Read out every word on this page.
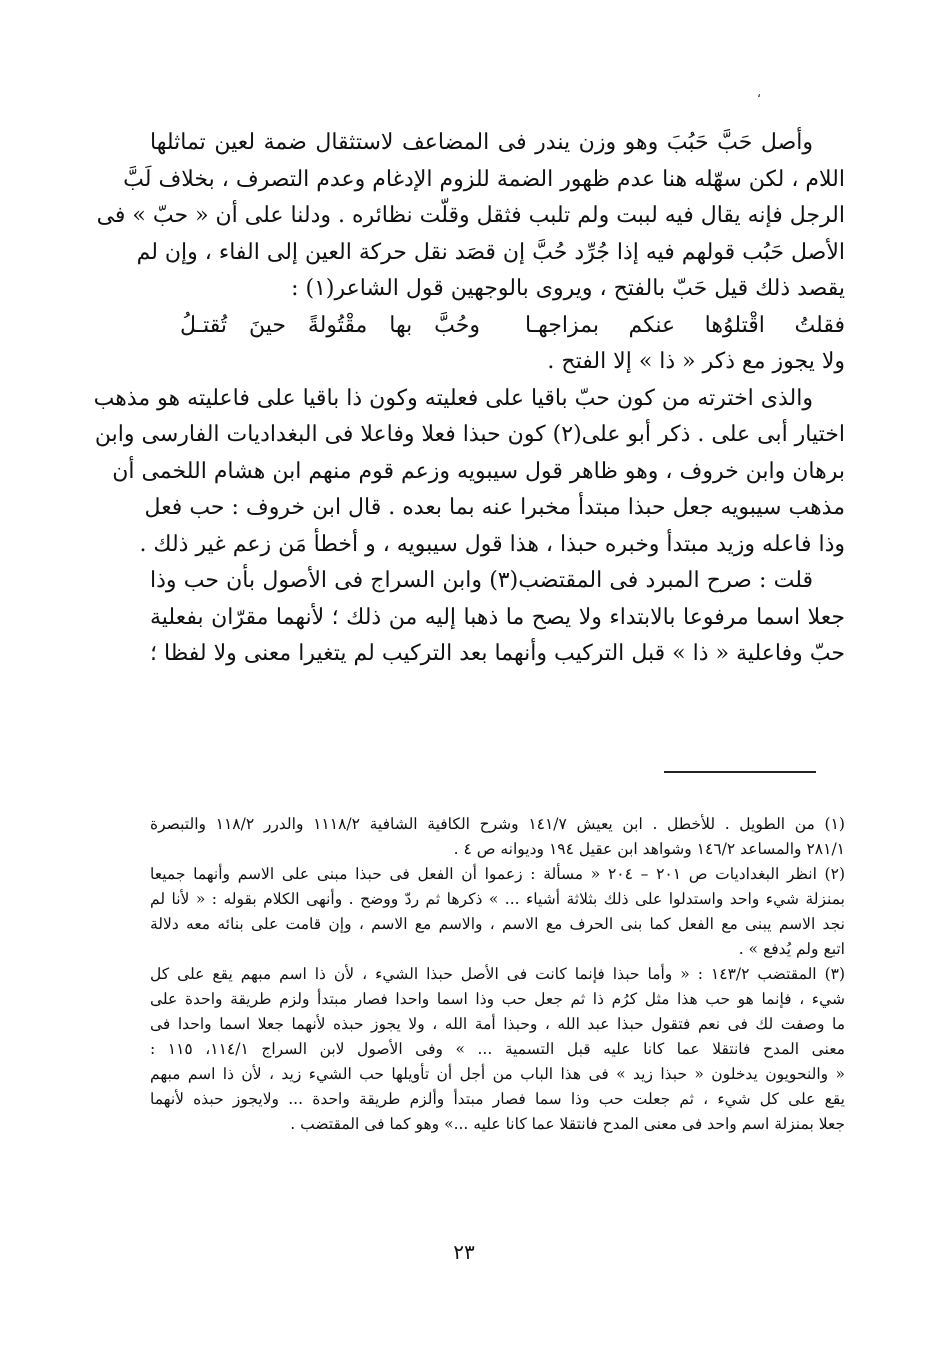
،
وأصل حَبَّ حَبُبَ وهو وزن يندر فى المضاعف لاستثقال ضمة لعين تماثلها
اللام ، لكن سهّله هنا عدم ظهور الضمة للزوم الإدغام وعدم التصرف ، بخلاف لَبَّ
الرجل فإنه يقال فيه لببت ولم تلبب فثقل وقلّت نظائره . ودلنا على أن « حبّ » فى
الأصل حَبُب قولهم فيه إذا جُرِّد حُبَّ إن قصَد نقل حركة العين إلى الفاء ، وإن لم
يقصد ذلك قيل حَبّ بالفتح ، ويروى بالوجهين قول الشاعر(١) :
فقلتُ اقْتلوُها عنكم بمزاجهـا
وحُبَّ بها مقْتُولةً حينَ تُقتـلُ
ولا يجوز مع ذكر « ذا » إلا الفتح .
والذى اخترته من كون حبّ باقيا على فعليته وكون ذا باقيا على فاعليته هو مذهب
اختيار أبى على . ذكر أبو على(٢) كون حبذا فعلا وفاعلا فى البغداديات الفارسى وابن
برهان وابن خروف ، وهو ظاهر قول سيبويه وزعم قوم منهم ابن هشام اللخمى أن
مذهب سيبويه جعل حبذا مبتدأ مخبرا عنه بما بعده . قال ابن خروف : حب فعل
وذا فاعله وزيد مبتدأ وخبره حبذا ، هذا قول سيبويه ، و أخطأ مَن زعم غير ذلك .
قلت : صرح المبرد فى المقتضب(٣) وابن السراج فى الأصول بأن حب وذا
جعلا اسما مرفوعا بالابتداء ولا يصح ما ذهبا إليه من ذلك ؛ لأنهما مقرّان بفعلية
حبّ وفاعلية « ذا » قبل التركيب وأنهما بعد التركيب لم يتغيرا معنى ولا لفظا ؛
(١) من الطويل . للأخطل . ابن يعيش ١٤١/٧ وشرح الكافية الشافية ١١١٨/٢ والدرر ١١٨/٢ والتبصرة
٢٨١/١ والمساعد ١٤٦/٢ وشواهد ابن عقيل ١٩٤ وديوانه ص ٤ .
(٢) انظر البغداديات ص ٢٠١ – ٢٠٤ « مسألة : زعموا أن الفعل فى حبذا مبنى على الاسم وأنهما جميعا
بمنزلة شيء واحد واستدلوا على ذلك بثلاثة أشياء ... » ذكرها ثم ردّ ووضح . وأنهى الكلام بقوله : « لأنا لم
نجد الاسم يبنى مع الفعل كما بنى الحرف مع الاسم ، والاسم مع الاسم ، وإن قامت على بنائه معه دلالة
اتبع ولم يُدفع » .
(٣) المقتضب ١٤٣/٢ : « وأما حبذا فإنما كانت فى الأصل حبذا الشيء ، لأن ذا اسم مبهم يقع على كل
شيء ، فإنما هو حب هذا مثل كرُم ذا ثم جعل حب وذا اسما واحدا فصار مبتدأ ولزم طريقة واحدة على
ما وصفت لك فى نعم فتقول حبذا عبد الله ، وحبذا أمة الله ، ولا يجوز حبذه لأنهما جعلا اسما واحدا فى
معنى المدح فانتقلا عما كانا عليه قبل التسمية ... » وفى الأصول لابن السراج ١١٤/١، ١١٥ :
« والنحويون يدخلون « حبذا زيد » فى هذا الباب من أجل أن تأويلها حب الشيء زيد ، لأن ذا اسم مبهم
يقع على كل شيء ، ثم جعلت حب وذا سما فصار مبتدأ وألزم طريقة واحدة ... ولايجوز حبذه لأنهما
جعلا بمنزلة اسم واحد فى معنى المدح فانتقلا عما كانا عليه ...» وهو كما فى المقتضب .
٢٣
